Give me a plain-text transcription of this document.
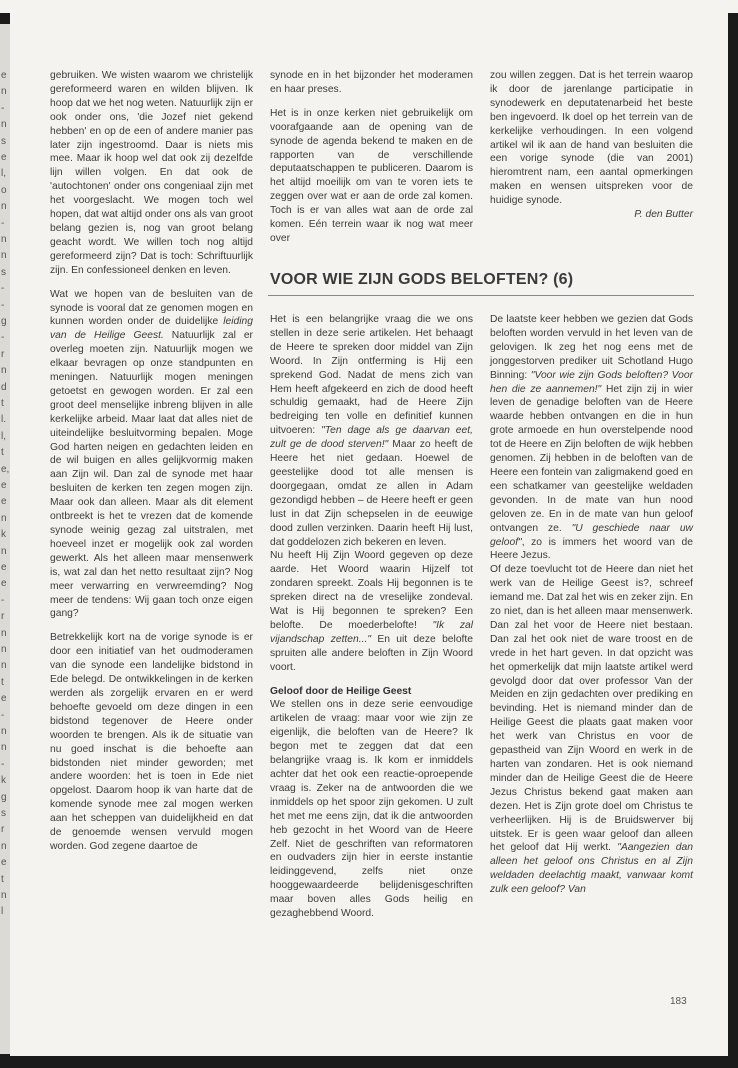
e
n
-
n
s
e
l,
o
n
-
n
n
s
-
-
g
-
r
n
d
t
l.
l,
t
e,
e
e
n
k
n
e
e
-
r
n
n
n
t
e
-
n
n
-
k
g
s
r
n
e
t
n
l

gebruiken. We wisten waarom we christelijk gereformeerd waren en wilden blijven. Ik hoop dat we het nog weten. Natuurlijk zijn er ook onder ons, 'die Jozef niet gekend hebben' en op de een of andere manier pas later zijn ingestroomd. Daar is niets mis mee. Maar ik hoop wel dat ook zij dezelfde lijn willen volgen. En dat ook de 'autochtonen' onder ons congeniaal zijn met het voorgeslacht. We mogen toch wel hopen, dat wat altijd onder ons als van groot belang gezien is, nog van groot belang geacht wordt. We willen toch nog altijd gereformeerd zijn? Dat is toch: Schriftuurlijk zijn. En confessioneel denken en leven.

Wat we hopen van de besluiten van de synode is vooral dat ze genomen mogen en kunnen worden onder de duidelijke leiding van de Heilige Geest. Natuurlijk zal er overleg moeten zijn. Natuurlijk mogen we elkaar bevragen op onze standpunten en meningen. Natuurlijk mogen meningen getoetst en gewogen worden. Er zal een groot deel menselijke inbreng blijven in alle kerkelijke arbeid. Maar laat dat alles niet de uiteindelijke besluitvorming bepalen. Moge God harten neigen en gedachten leiden en de wil buigen en alles gelijkvormig maken aan Zijn wil. Dan zal de synode met haar besluiten de kerken ten zegen mogen zijn. Maar ook dan alleen. Maar als dit element ontbreekt is het te vrezen dat de komende synode weinig gezag zal uitstralen, met hoeveel inzet er mogelijk ook zal worden gewerkt. Als het alleen maar mensenwerk is, wat zal dan het netto resultaat zijn? Nog meer verwarring en verwreemding? Nog meer de tendens: Wij gaan toch onze eigen gang?

Betrekkelijk kort na de vorige synode is er door een initiatief van het oudmoderamen van die synode een landelijke bidstond in Ede belegd. De ontwikkelingen in de kerken werden als zorgelijk ervaren en er werd behoefte gevoeld om deze dingen in een bidstond tegenover de Heere onder woorden te brengen. Als ik de situatie van nu goed inschat is die behoefte aan bidstonden niet minder geworden; met andere woorden: het is toen in Ede niet opgelost. Daarom hoop ik van harte dat de komende synode mee zal mogen werken aan het scheppen van duidelijkheid en dat de genoemde wensen vervuld mogen worden. God zegene daartoe de

synode en in het bijzonder het moderamen en haar preses.

Het is in onze kerken niet gebruikelijk om voorafgaande aan de opening van de synode de agenda bekend te maken en de rapporten van de verschillende deputaatschappen te publiceren. Daarom is het altijd moeilijk om van te voren iets te zeggen over wat er aan de orde zal komen. Toch is er van alles wat aan de orde zal komen. Eén terrein waar ik nog wat meer over

zou willen zeggen. Dat is het terrein waarop ik door de jarenlange participatie in synodewerk en deputatenarbeid het beste ben ingevoerd. Ik doel op het terrein van de kerkelijke verhoudingen. In een volgend artikel wil ik aan de hand van besluiten die een vorige synode (die van 2001) hieromtrent nam, een aantal opmerkingen maken en wensen uitspreken voor de huidige synode.

P. den Butter
VOOR WIE ZIJN GODS BELOFTEN? (6)

Het is een belangrijke vraag die we ons stellen in deze serie artikelen. Het behaagt de Heere te spreken door middel van Zijn Woord. In Zijn ontferming is Hij een sprekend God. Nadat de mens zich van Hem heeft afgekeerd en zich de dood heeft schuldig gemaakt, had de Heere Zijn bedreiging ten volle en definitief kunnen uitvoeren: "Ten dage als ge daarvan eet, zult ge de dood sterven!" Maar zo heeft de Heere het niet gedaan. Hoewel de geestelijke dood tot alle mensen is doorgegaan, omdat ze allen in Adam gezondigd hebben – de Heere heeft er geen lust in dat Zijn schepselen in de eeuwige dood zullen verzinken. Daarin heeft Hij lust, dat goddelozen zich bekeren en leven.

Nu heeft Hij Zijn Woord gegeven op deze aarde. Het Woord waarin Hijzelf tot zondaren spreekt. Zoals Hij begonnen is te spreken direct na de vreselijke zondeval. Wat is Hij begonnen te spreken? Een belofte. De moederbelofte! "Ik zal vijandschap zetten..." En uit deze belofte spruiten alle andere beloften in Zijn Woord voort.

Geloof door de Heilige Geest

We stellen ons in deze serie eenvoudige artikelen de vraag: maar voor wie zijn ze eigenlijk, die beloften van de Heere? Ik begon met te zeggen dat dat een belangrijke vraag is. Ik kom er inmiddels achter dat het ook een reactie-oproepende vraag is. Zeker na de antwoorden die we inmiddels op het spoor zijn gekomen. U zult het met me eens zijn, dat ik die antwoorden heb gezocht in het Woord van de Heere Zelf. Niet de geschriften van reformatoren en oudvaders zijn hier in eerste instantie leidinggevend, zelfs niet onze hooggewaardeerde belijdenisgeschriften maar boven alles Gods heilig en gezaghebbend Woord.

De laatste keer hebben we gezien dat Gods beloften worden vervuld in het leven van de gelovigen. Ik zeg het nog eens met de jonggestorven prediker uit Schotland Hugo Binning: "Voor wie zijn Gods beloften? Voor hen die ze aannemen!" Het zijn zij in wier leven de genadige beloften van de Heere waarde hebben ontvangen en die in hun grote armoede en hun overstelpende nood tot de Heere en Zijn beloften de wijk hebben genomen. Zij hebben in de beloften van de Heere een fontein van zaligmakend goed en een schatkamer van geestelijke weldaden gevonden. In de mate van hun nood geloven ze. En in de mate van hun geloof ontvangen ze. "U geschiede naar uw geloof", zo is immers het woord van de Heere Jezus.

Of deze toevlucht tot de Heere dan niet het werk van de Heilige Geest is?, schreef iemand me. Dat zal het wis en zeker zijn. En zo niet, dan is het alleen maar mensenwerk. Dan zal het voor de Heere niet bestaan. Dan zal het ook niet de ware troost en de vrede in het hart geven. In dat opzicht was het opmerkelijk dat mijn laatste artikel werd gevolgd door dat over professor Van der Meiden en zijn gedachten over prediking en bevinding. Het is niemand minder dan de Heilige Geest die plaats gaat maken voor het werk van Christus en voor de gepastheid van Zijn Woord en werk in de harten van zondaren. Het is ook niemand minder dan de Heilige Geest die de Heere Jezus Christus bekend gaat maken aan dezen. Het is Zijn grote doel om Christus te verheerlijken. Hij is de Bruidswerver bij uitstek. Er is geen waar geloof dan alleen het geloof dat Hij werkt. "Aangezien dan alleen het geloof ons Christus en al Zijn weldaden deelachtig maakt, vanwaar komt zulk een geloof? Van

183
